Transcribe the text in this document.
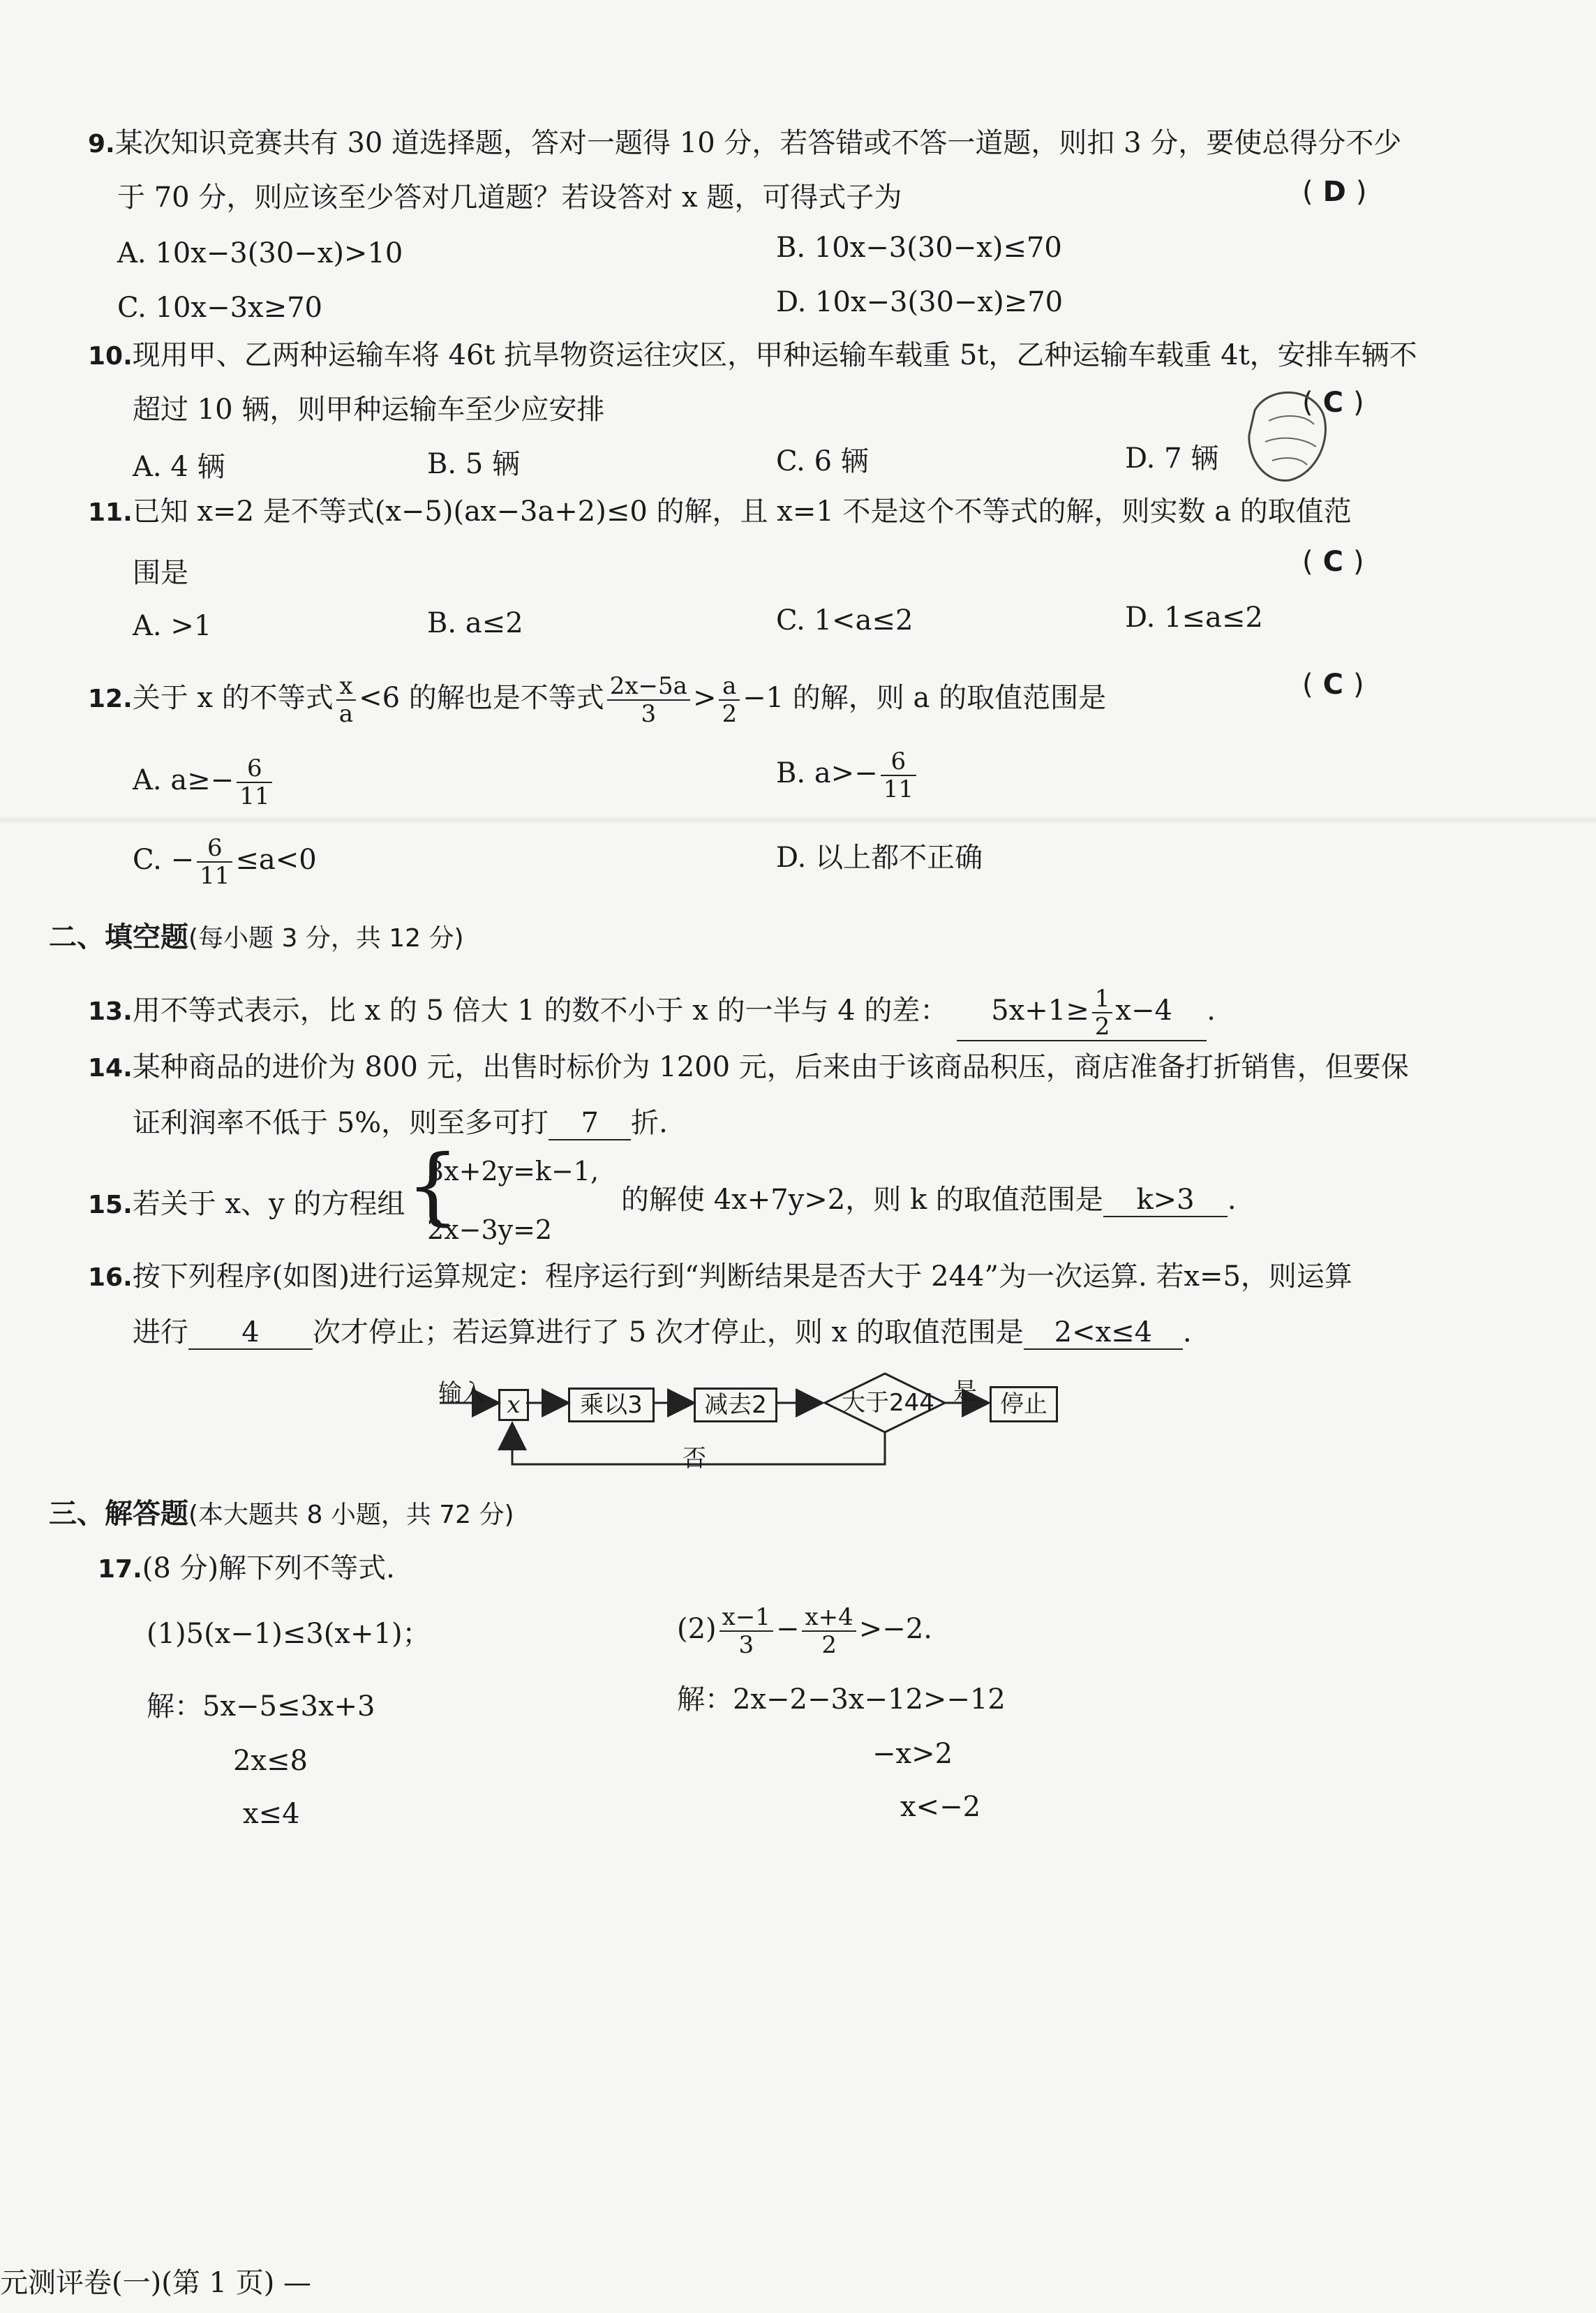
9.某次知识竞赛共有 30 道选择题，答对一题得 10 分，若答错或不答一道题，则扣 3 分，要使总得分不少
于 70 分，则应该至少答对几道题？若设答对 x 题，可得式子为	( D )
A. 10x−3(30−x)>10	B. 10x−3(30−x)≤70
C. 10x−3x≥70	D. 10x−3(30−x)≥70
10.现用甲、乙两种运输车将 46t 抗旱物资运往灾区，甲种运输车载重 5t，乙种运输车载重 4t，安排车辆不
超过 10 辆，则甲种运输车至少应安排	( C )
A. 4 辆	B. 5 辆	C. 6 辆	D. 7 辆
11.已知 x=2 是不等式(x−5)(ax−3a+2)≤0 的解，且 x=1 不是这个不等式的解，则实数 a 的取值范
围是	( C )
A. >1	B. a≤2	C. 1<a≤2	D. 1≤a≤2
12.关于 x 的不等式 $\frac{x}{a} <6$ 的解也是不等式 $\frac{2x-5a}{3} > \frac{a}{2} -1$ 的解，则 a 的取值范围是	( C )
A. $a\ge- \frac{6}{11}$	B. $a>- \frac{6}{11}$
C. − $\frac{6}{11} \le a<0$	D. 以上都不正确
二、填空题(每小题 3 分，共 12 分)
13.用不等式表示，比 x 的 5 倍大 1 的数不小于 x 的一半与 4 的差： $5x+1\ge \frac{1}{2} x-4$ .
14.某种商品的进价为 800 元，出售时标价为 1200 元，后来由于该商品积压，商店准备打折销售，但要保
证利润率不低于 5%，则至多可打 7 折.
15.若关于 x、y 的方程组 {
3x+2y=k−1,
2x−3y=2
的解使 4x+7y>2，则 k 的取值范围是 k>3 .
16.按下列程序(如图)进行运算规定：程序运行到“判断结果是否大于 244”为一次运算. 若x=5，则运算
进行 4 次才停止；若运算进行了 5 次才停止，则 x 的取值范围是 2<x≤4 .
输入 x	乘以3	减去2	大于244 是 停止
否
三、解答题(本大题共 8 小题，共 72 分)
17.(8 分)解下列不等式.
(1)5(x−1)≤3(x+1)；	$(2) \frac{x-1}{3} - \frac{x+4}{2} >-2$.
解：5x−5≤3x+3
2x≤8
x≤4
解：2x−2−3x−12>−12
−x>2
x<−2
元测评卷(一)(第 1 页) —
